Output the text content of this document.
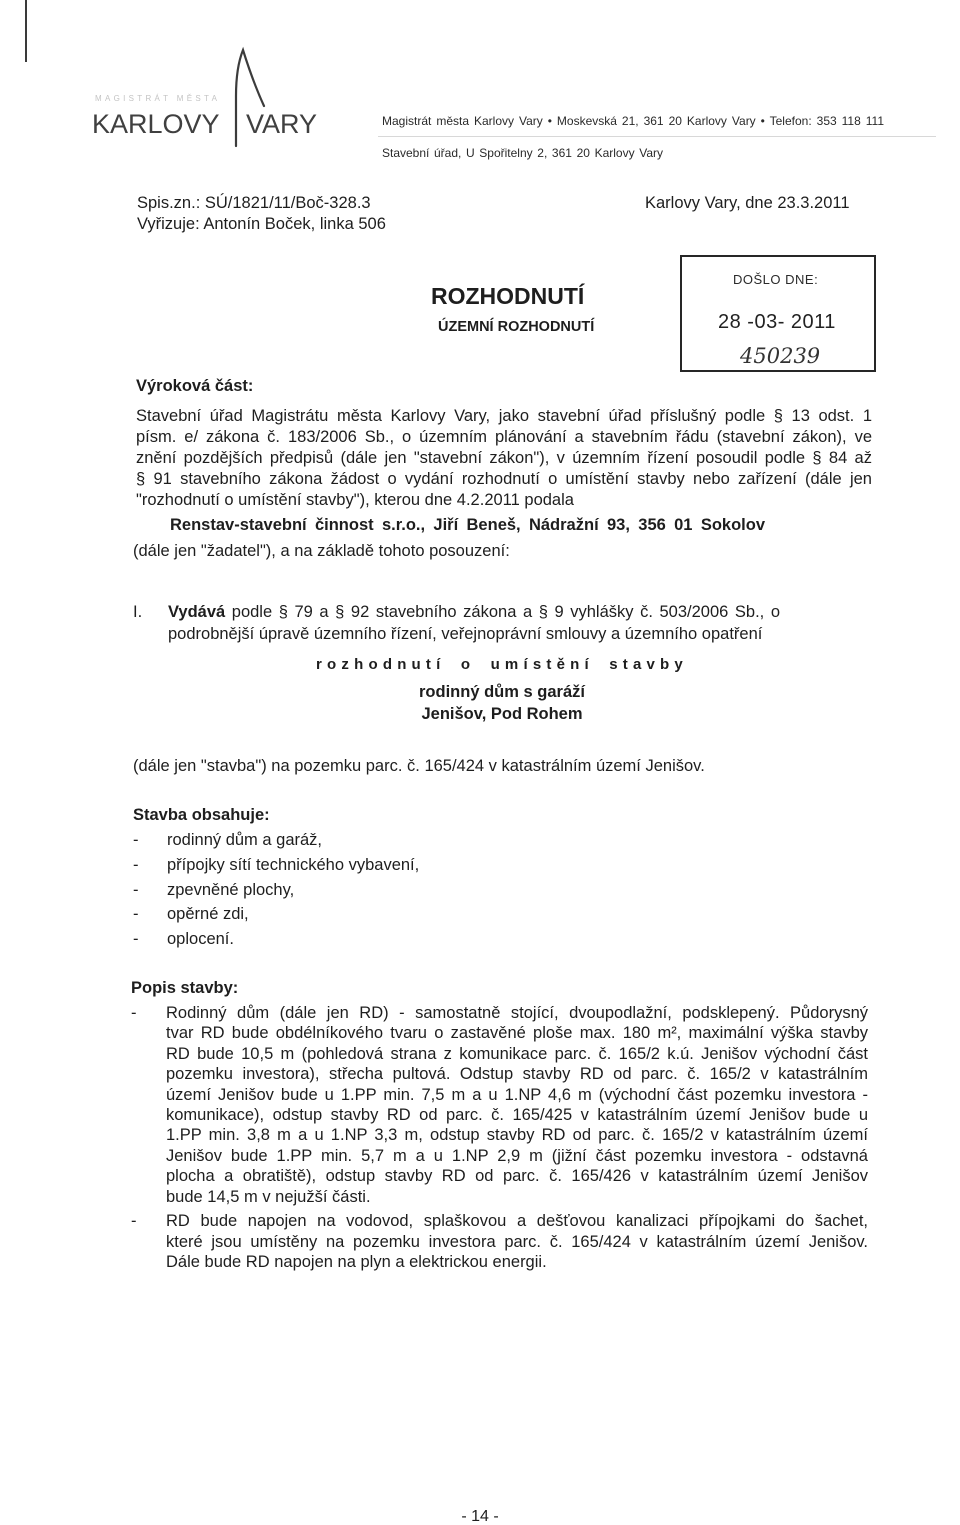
MAGISTRÁT MĚSTA
KARLOVY VARY	Magistrát města Karlovy Vary • Moskevská 21, 361 20 Karlovy Vary • Telefon: 353 118 111
Stavební úřad, U Spořitelny 2, 361 20 Karlovy Vary
Spis.zn.: SÚ/1821/11/Boč-328.3
Vyřizuje: Antonín Boček, linka 506
Karlovy Vary, dne 23.3.2011
ROZHODNUTÍ
ÚZEMNÍ ROZHODNUTÍ
DOŠLO DNE:
28 -03- 2011
450239
Výroková část:
Stavební úřad Magistrátu města Karlovy Vary, jako stavební úřad příslušný podle § 13 odst. 1
písm. e/ zákona č. 183/2006 Sb., o územním plánování a stavebním řádu (stavební zákon), ve
znění pozdějších předpisů (dále jen "stavební zákon"), v územním řízení posoudil podle § 84 až
§ 91 stavebního zákona žádost o vydání rozhodnutí o umístění stavby nebo zařízení (dále jen
"rozhodnutí o umístění stavby"), kterou dne 4.2.2011 podala
Renstav-stavební činnost s.r.o., Jiří Beneš, Nádražní 93, 356 01 Sokolov
(dále jen "žadatel"), a na základě tohoto posouzení:
I. Vydává podle § 79 a § 92 stavebního zákona a § 9 vyhlášky č. 503/2006 Sb., o
podrobnější úpravě územního řízení, veřejnoprávní smlouvy a územního opatření
rozhodnutí o umístění stavby
rodinný dům s garáží
Jenišov, Pod Rohem
(dále jen "stavba") na pozemku parc. č. 165/424 v katastrálním území Jenišov.
Stavba obsahuje:
-	rodinný dům a garáž,
-	přípojky sítí technického vybavení,
-	zpevněné plochy,
-	opěrné zdi,
-	oplocení.
Popis stavby:
-	Rodinný dům (dále jen RD) - samostatně stojící, dvoupodlažní, podsklepený. Půdorysný
tvar RD bude obdélníkového tvaru o zastavěné ploše max. 180 m², maximální výška stavby
RD bude 10,5 m (pohledová strana z komunikace parc. č. 165/2 k.ú. Jenišov východní část
pozemku investora), střecha pultová. Odstup stavby RD od parc. č. 165/2 v katastrálním
území Jenišov bude u 1.PP min. 7,5 m a u 1.NP 4,6 m (východní část pozemku investora -
komunikace), odstup stavby RD od parc. č. 165/425 v katastrálním území Jenišov bude u
1.PP min. 3,8 m a u 1.NP 3,3 m, odstup stavby RD od parc. č. 165/2 v katastrálním území
Jenišov bude 1.PP min. 5,7 m a u 1.NP 2,9 m (jižní část pozemku investora - odstavná
plocha a obratiště), odstup stavby RD od parc. č. 165/426 v katastrálním území Jenišov
bude 14,5 m v nejužší části.
-	RD bude napojen na vodovod, splaškovou a dešťovou kanalizaci přípojkami do šachet,
které jsou umístěny na pozemku investora parc. č. 165/424 v katastrálním území Jenišov.
Dále bude RD napojen na plyn a elektrickou energii.
- 14 -
